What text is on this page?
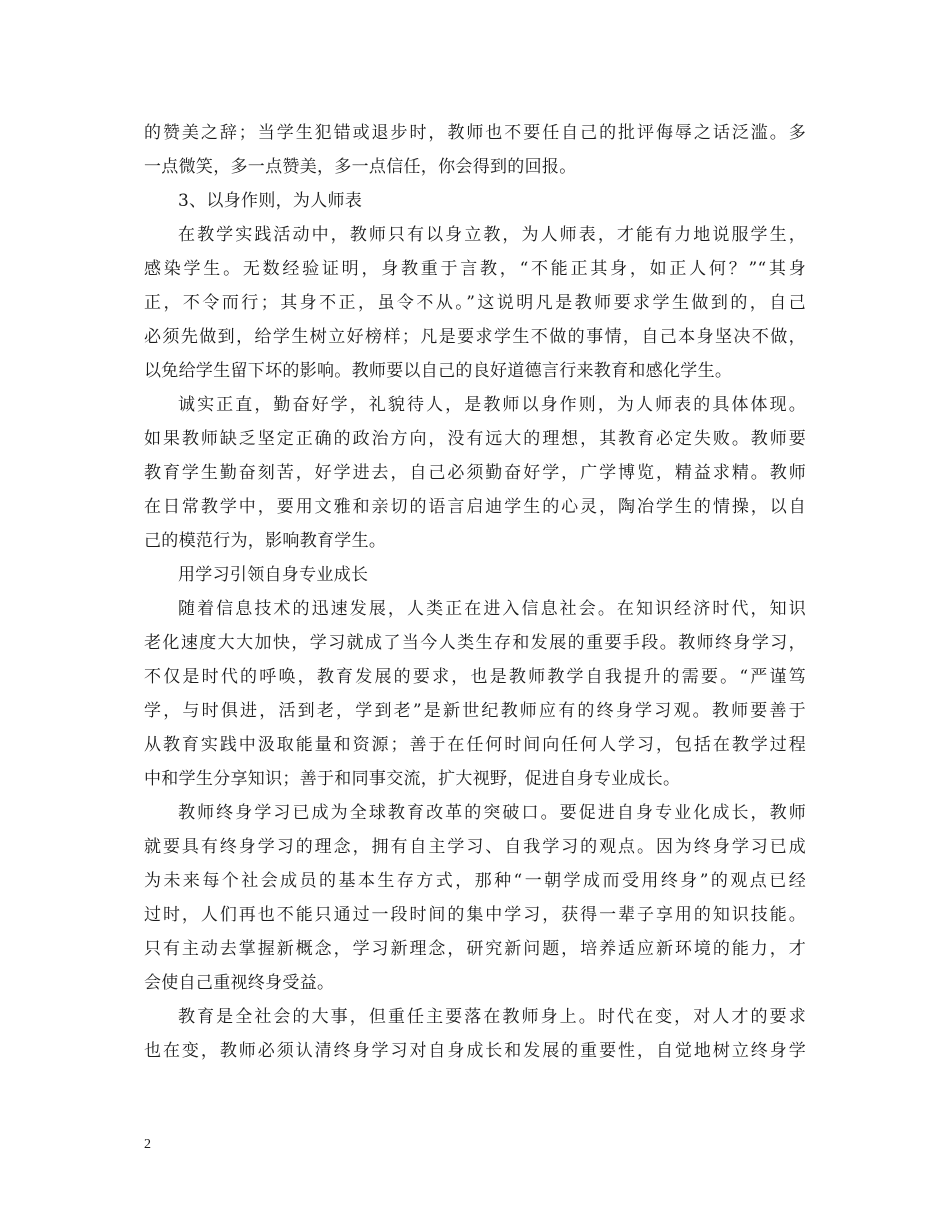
的赞美之辞；当学生犯错或退步时，教师也不要任自己的批评侮辱之话泛滥。多
一点微笑，多一点赞美，多一点信任，你会得到的回报。
3、以身作则，为人师表
在教学实践活动中，教师只有以身立教，为人师表，才能有力地说服学生，
感染学生。无数经验证明，身教重于言教，“不能正其身，如正人何？”“其身
正，不令而行；其身不正，虽令不从。”这说明凡是教师要求学生做到的，自己
必须先做到，给学生树立好榜样；凡是要求学生不做的事情，自己本身坚决不做，
以免给学生留下坏的影响。教师要以自己的良好道德言行来教育和感化学生。
诚实正直，勤奋好学，礼貌待人，是教师以身作则，为人师表的具体体现。
如果教师缺乏坚定正确的政治方向，没有远大的理想，其教育必定失败。教师要
教育学生勤奋刻苦，好学进去，自己必须勤奋好学，广学博览，精益求精。教师
在日常教学中，要用文雅和亲切的语言启迪学生的心灵，陶冶学生的情操，以自
己的模范行为，影响教育学生。
用学习引领自身专业成长
随着信息技术的迅速发展，人类正在进入信息社会。在知识经济时代，知识
老化速度大大加快，学习就成了当今人类生存和发展的重要手段。教师终身学习，
不仅是时代的呼唤，教育发展的要求，也是教师教学自我提升的需要。“严谨笃
学，与时俱进，活到老，学到老”是新世纪教师应有的终身学习观。教师要善于
从教育实践中汲取能量和资源；善于在任何时间向任何人学习，包括在教学过程
中和学生分享知识；善于和同事交流，扩大视野，促进自身专业成长。
教师终身学习已成为全球教育改革的突破口。要促进自身专业化成长，教师
就要具有终身学习的理念，拥有自主学习、自我学习的观点。因为终身学习已成
为未来每个社会成员的基本生存方式，那种“一朝学成而受用终身”的观点已经
过时，人们再也不能只通过一段时间的集中学习，获得一辈子享用的知识技能。
只有主动去掌握新概念，学习新理念，研究新问题，培养适应新环境的能力，才
会使自己重视终身受益。
教育是全社会的大事，但重任主要落在教师身上。时代在变，对人才的要求
也在变，教师必须认清终身学习对自身成长和发展的重要性，自觉地树立终身学
2
